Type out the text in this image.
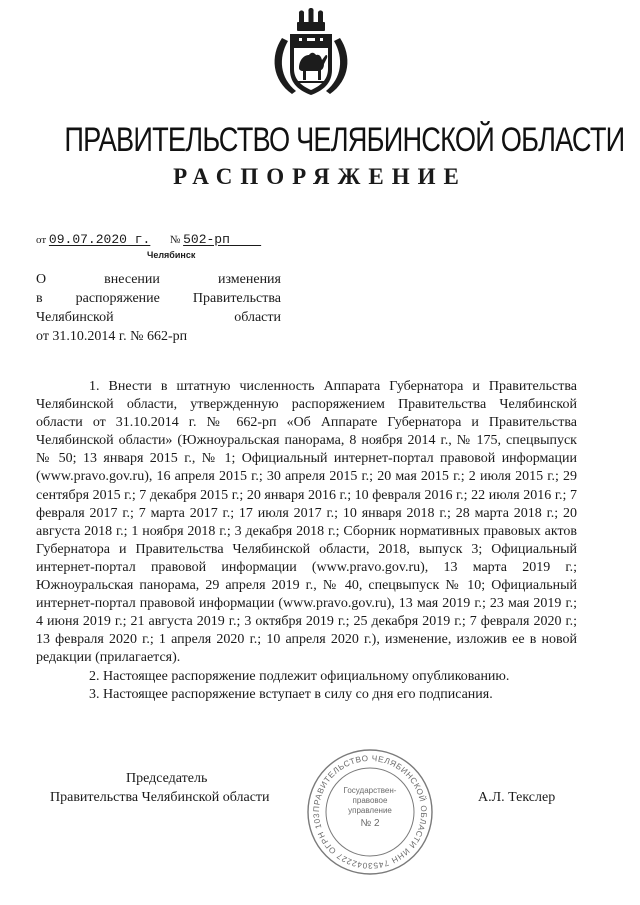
ПРАВИТЕЛЬСТВО ЧЕЛЯБИНСКОЙ ОБЛАСТИ
РАСПОРЯЖЕНИЕ
от 09.07.2020 г. № 502-рп
Челябинск
О внесении изменения
в распоряжение Правительства
Челябинской области
от 31.10.2014 г. № 662-рп

1. Внести в штатную численность Аппарата Губернатора и Правительства Челябинской области, утвержденную распоряжением Правительства Челябинской области от 31.10.2014 г. № 662-рп «Об Аппарате Губернатора и Правительства Челябинской области» (Южноуральская панорама, 8 ноября 2014 г., № 175, спецвыпуск № 50; 13 января 2015 г., № 1; Официальный интернет-портал правовой информации (www.pravo.gov.ru), 16 апреля 2015 г.; 30 апреля 2015 г.; 20 мая 2015 г.; 2 июля 2015 г.; 29 сентября 2015 г.; 7 декабря 2015 г.; 20 января 2016 г.; 10 февраля 2016 г.; 22 июля 2016 г.; 7 февраля 2017 г.; 7 марта 2017 г.; 17 июля 2017 г.; 10 января 2018 г.; 28 марта 2018 г.; 20 августа 2018 г.; 1 ноября 2018 г.; 3 декабря 2018 г.; Сборник нормативных правовых актов Губернатора и Правительства Челябинской области, 2018, выпуск 3; Официальный интернет-портал правовой информации (www.pravo.gov.ru), 13 марта 2019 г.; Южноуральская панорама, 29 апреля 2019 г., № 40, спецвыпуск № 10; Официальный интернет-портал правовой информации (www.pravo.gov.ru), 13 мая 2019 г.; 23 мая 2019 г.; 4 июня 2019 г.; 21 августа 2019 г.; 3 октября 2019 г.; 25 декабря 2019 г.; 7 февраля 2020 г.; 13 февраля 2020 г.; 1 апреля 2020 г.; 10 апреля 2020 г.), изменение, изложив ее в новой редакции (прилагается).

2. Настоящее распоряжение подлежит официальному опубликованию.

3. Настоящее распоряжение вступает в силу со дня его подписания.

Председатель
Правительства Челябинской области
ПРАВИТЕЛЬСТВО ЧЕЛЯБИНСКОЙ ОБЛАСТИ ИНН 7453042227 ОГРН 103
Государствен-
правовое
управление
№ 2
А.Л. Текслер
